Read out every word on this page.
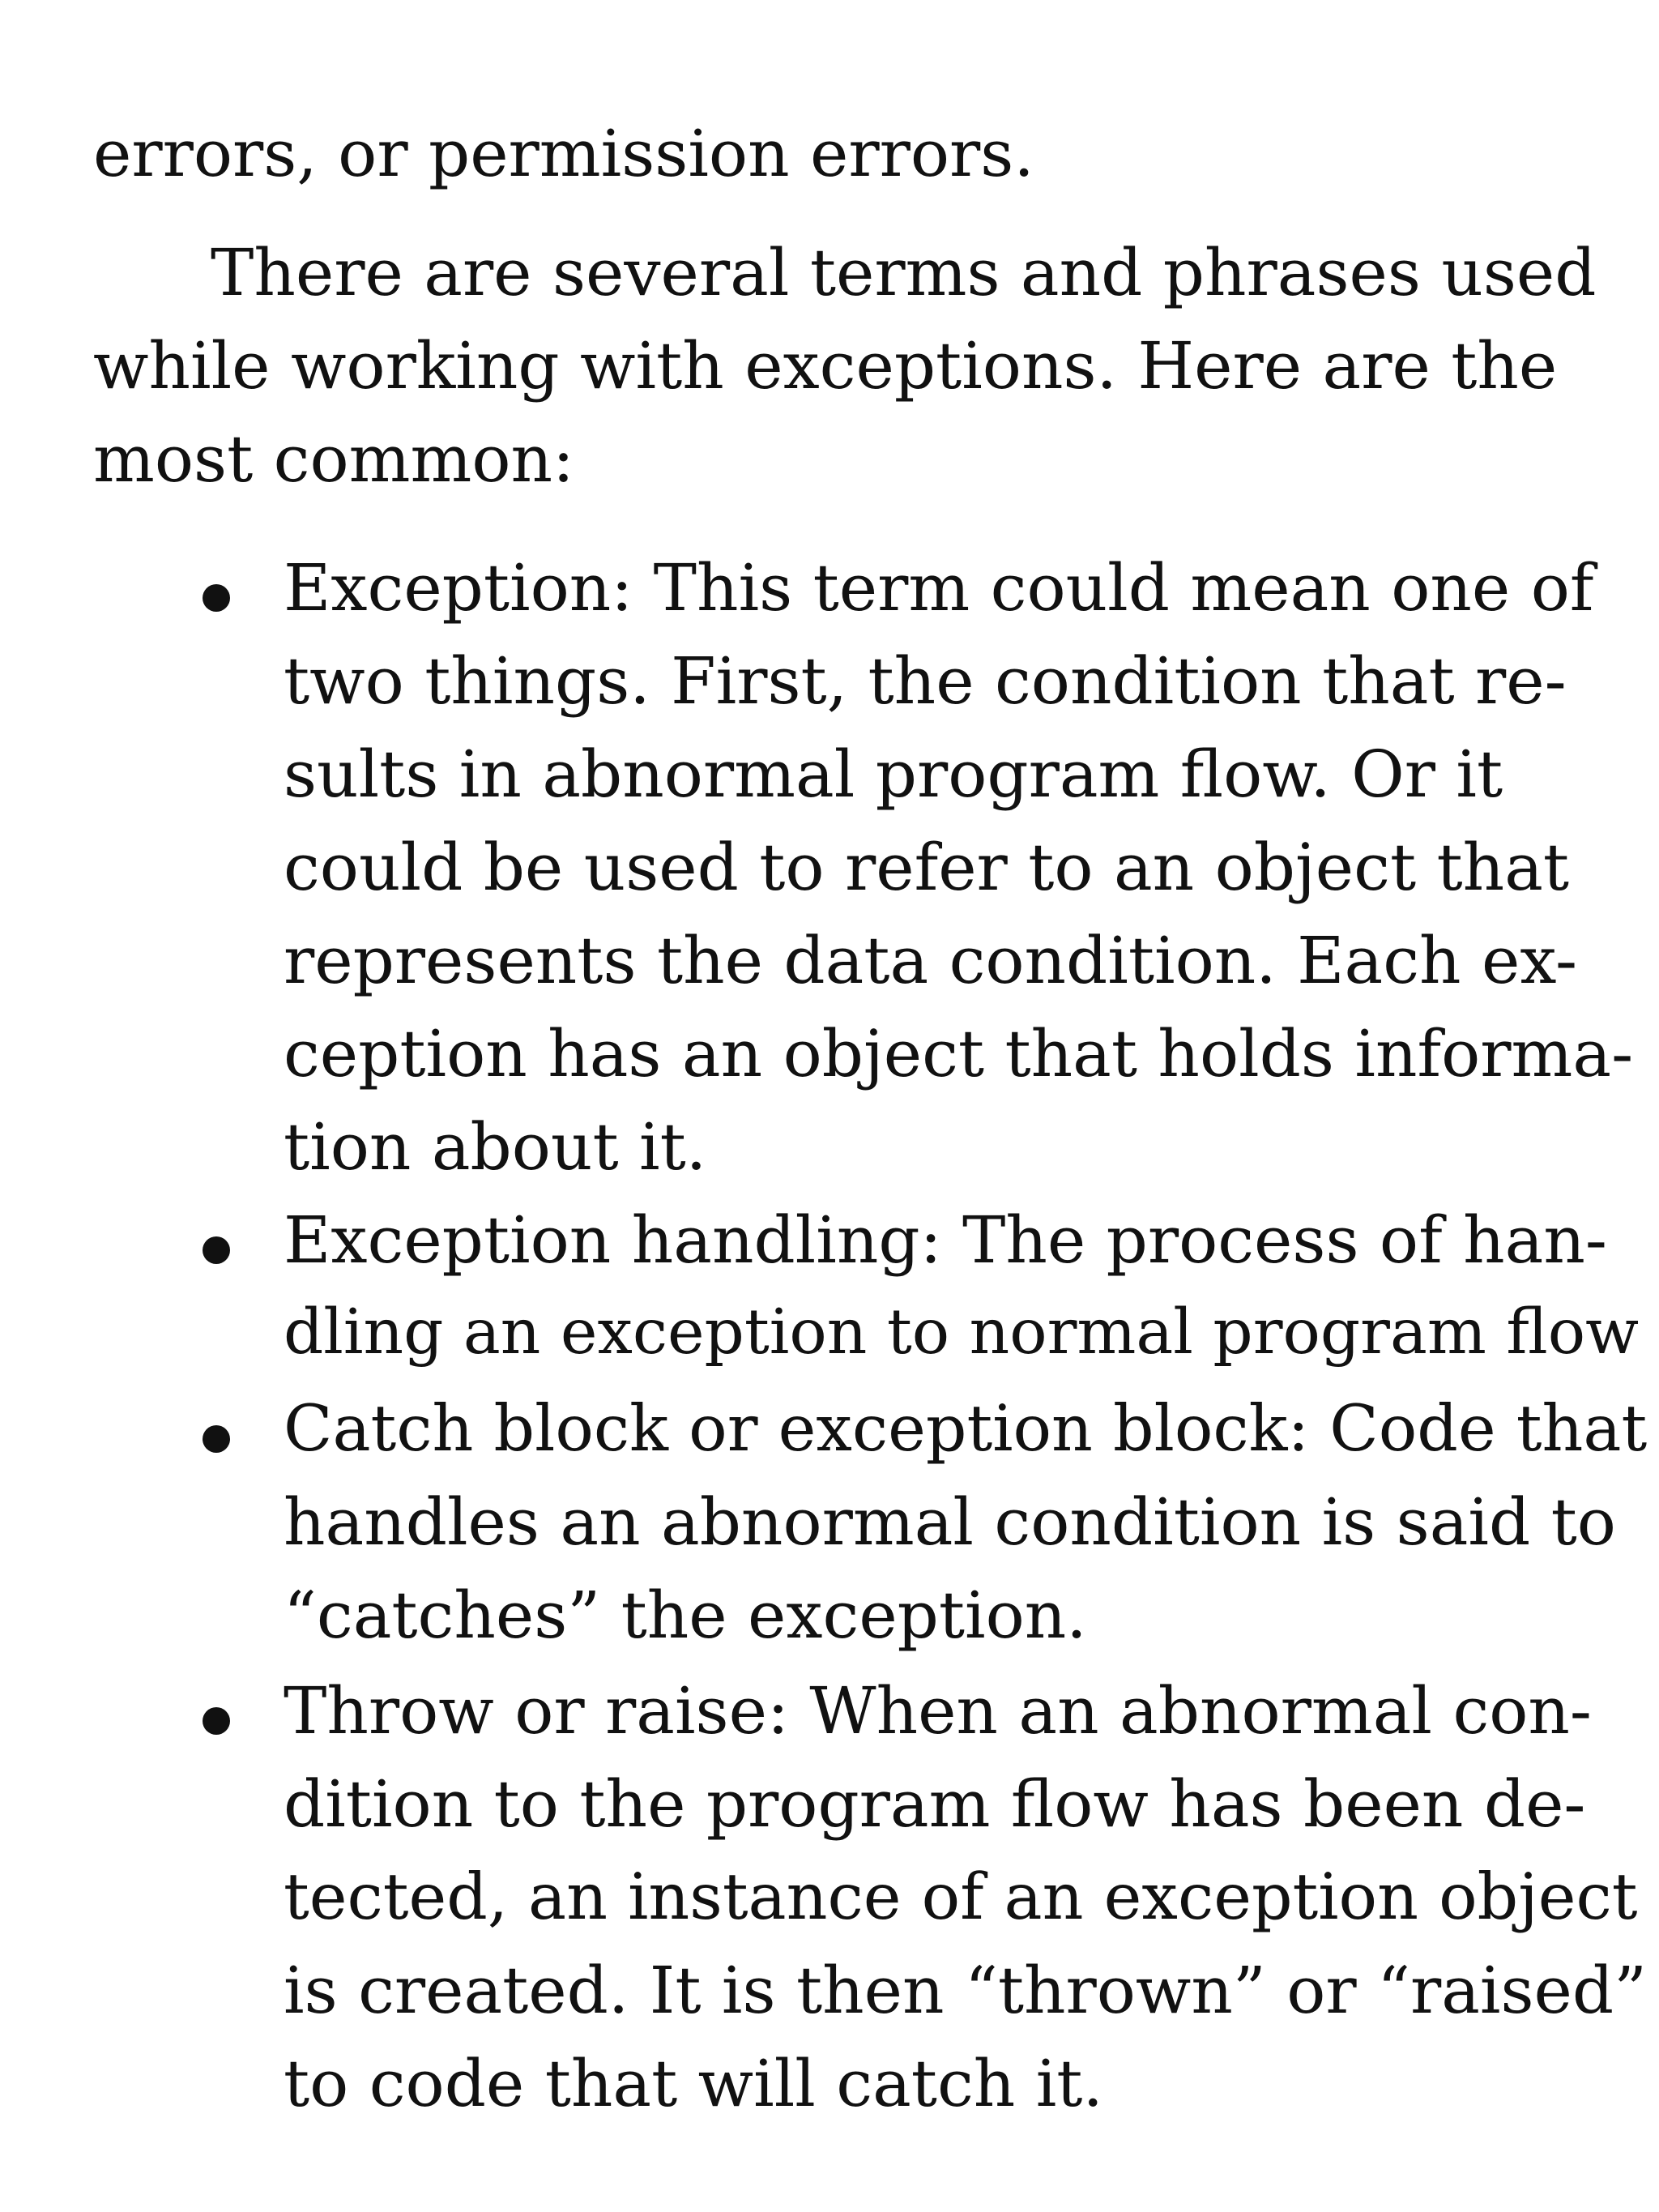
errors, or permission errors.
There are several terms and phrases used
while working with exceptions. Here are the
most common:
Exception: This term could mean one of
two things. First, the condition that re-
sults in abnormal program flow. Or it
could be used to refer to an object that
represents the data condition. Each ex-
ception has an object that holds informa-
tion about it.
Exception handling: The process of han-
dling an exception to normal program flow
Catch block or exception block: Code that
handles an abnormal condition is said to
“catches” the exception.
Throw or raise: When an abnormal con-
dition to the program flow has been de-
tected, an instance of an exception object
is created. It is then “thrown” or “raised”
to code that will catch it.
